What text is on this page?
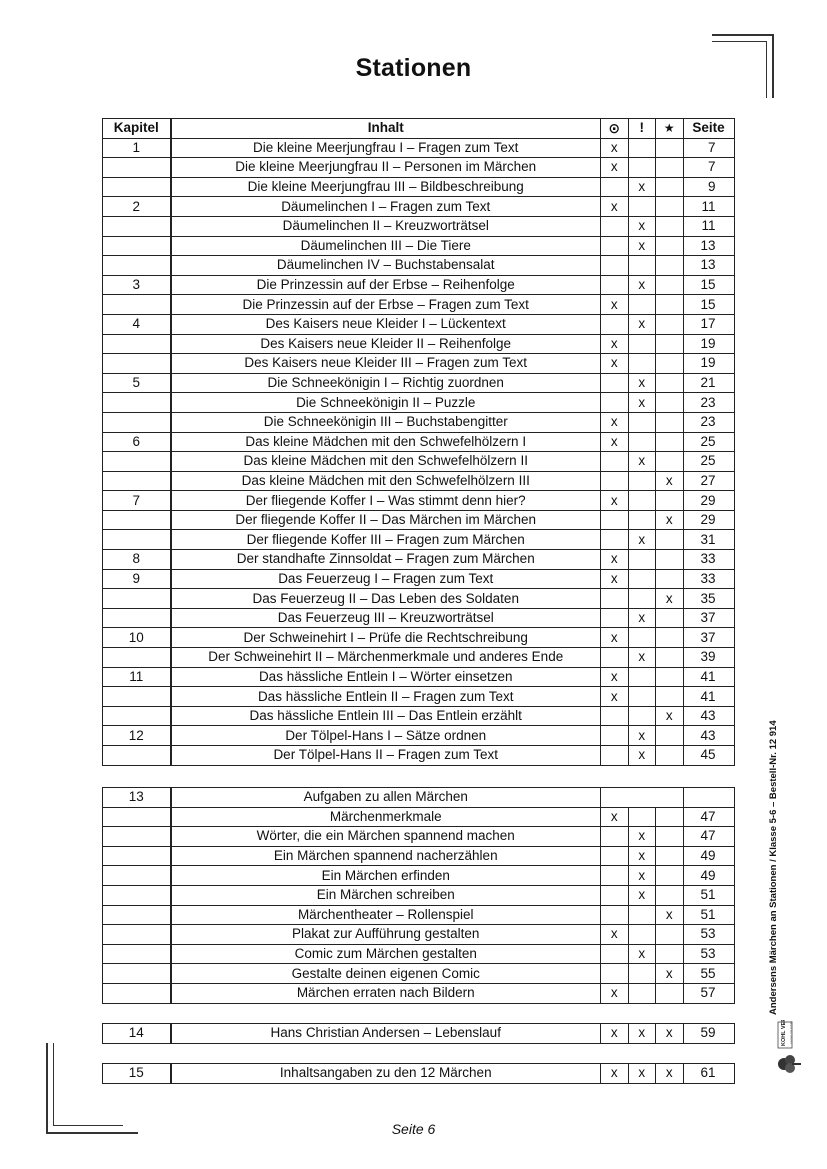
Stationen
Kapitel	Inhalt	⊙	!	★	Seite
1	Die kleine Meerjungfrau I – Fragen zum Text	x			7
	Die kleine Meerjungfrau II – Personen im Märchen	x			7
	Die kleine Meerjungfrau III – Bildbeschreibung		x		9
2	Däumelinchen I – Fragen zum Text	x			11
	Däumelinchen II – Kreuzworträtsel		x		11
	Däumelinchen III – Die Tiere		x		13
	Däumelinchen IV – Buchstabensalat				13
3	Die Prinzessin auf der Erbse – Reihenfolge		x		15
	Die Prinzessin auf der Erbse – Fragen zum Text	x			15
4	Des Kaisers neue Kleider I – Lückentext		x		17
	Des Kaisers neue Kleider II – Reihenfolge	x			19
	Des Kaisers neue Kleider III – Fragen zum Text	x			19
5	Die Schneekönigin I – Richtig zuordnen		x		21
	Die Schneekönigin II – Puzzle		x		23
	Die Schneekönigin III – Buchstabengitter	x			23
6	Das kleine Mädchen mit den Schwefelhölzern I	x			25
	Das kleine Mädchen mit den Schwefelhölzern II		x		25
	Das kleine Mädchen mit den Schwefelhölzern III			x	27
7	Der fliegende Koffer I – Was stimmt denn hier?	x			29
	Der fliegende Koffer II – Das Märchen im Märchen			x	29
	Der fliegende Koffer III – Fragen zum Märchen		x		31
8	Der standhafte Zinnsoldat – Fragen zum Märchen	x			33
9	Das Feuerzeug I – Fragen zum Text	x			33
	Das Feuerzeug II – Das Leben des Soldaten			x	35
	Das Feuerzeug III – Kreuzworträtsel		x		37
10	Der Schweinehirt I – Prüfe die Rechtschreibung	x			37
	Der Schweinehirt II – Märchenmerkmale und anderes Ende		x		39
11	Das hässliche Entlein I – Wörter einsetzen	x			41
	Das hässliche Entlein II – Fragen zum Text	x			41
	Das hässliche Entlein III – Das Entlein erzählt			x	43
12	Der Tölpel-Hans I – Sätze ordnen		x		43
	Der Tölpel-Hans II – Fragen zum Text		x		45
13	Aufgaben zu allen Märchen				
	Märchenmerkmale	x			47
	Wörter, die ein Märchen spannend machen		x		47
	Ein Märchen spannend nacherzählen		x		49
	Ein Märchen erfinden		x		49
	Ein Märchen schreiben		x		51
	Märchentheater – Rollenspiel			x	51
	Plakat zur Aufführung gestalten	x			53
	Comic zum Märchen gestalten		x		53
	Gestalte deinen eigenen Comic			x	55
	Märchen erraten nach Bildern	x			57
14	Hans Christian Andersen – Lebenslauf	x	x	x	59
15	Inhaltsangaben zu den 12 Märchen	x	x	x	61
Andersens Märchen an Stationen / Klasse 5-6 – Bestell-Nr. 12 914
KOHL VERLAG Lernen mit Erfolg
Seite 6
